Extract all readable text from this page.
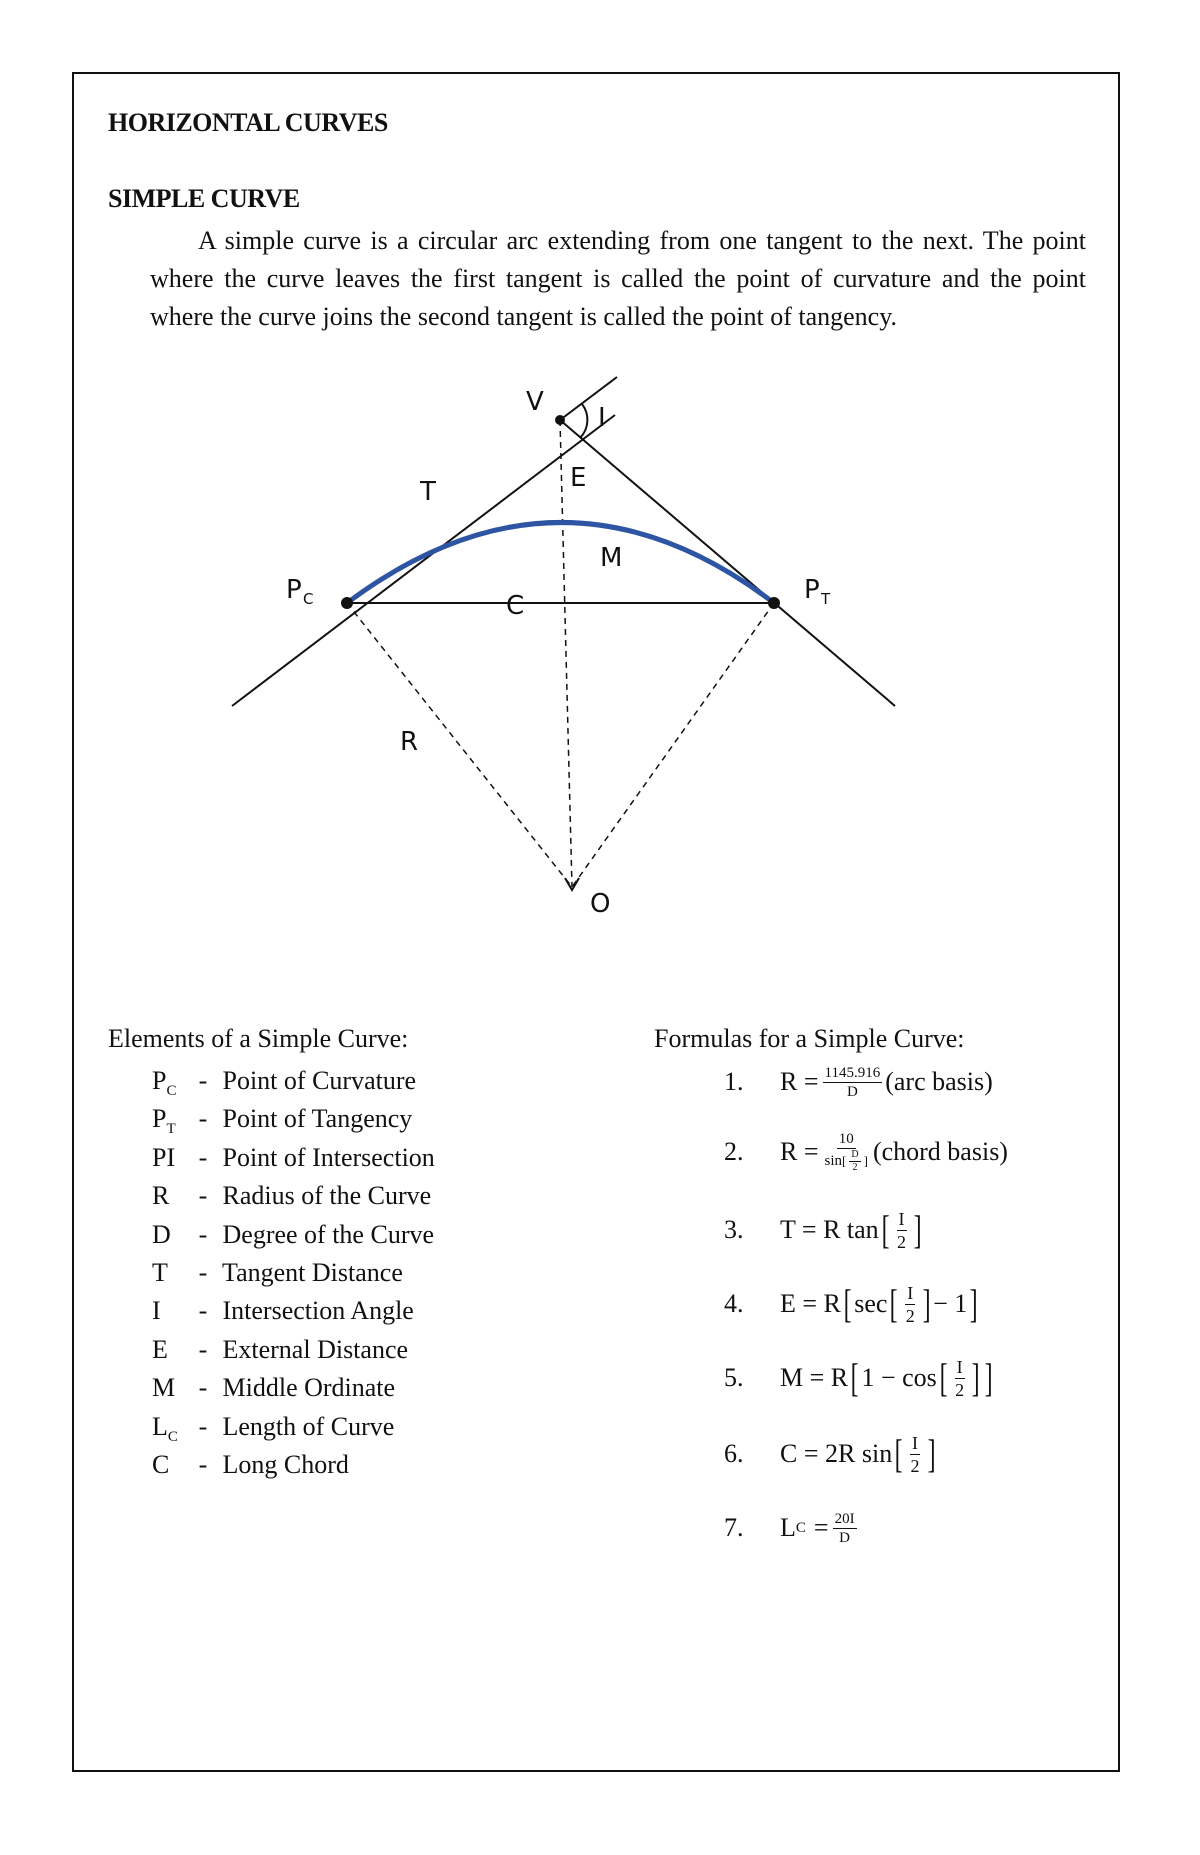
HORIZONTAL CURVES
SIMPLE CURVE

A simple curve is a circular arc extending from one tangent to the next. The point where the curve leaves the first tangent is called the point of curvature and the point where the curve joins the second tangent is called the point of tangency.

V
I
T	E
M
C
R
O
P C	P T
Elements of a Simple Curve:
$P_C$ - Point of Curvature
$P_T$ - Point of Tangency
PI - Point of Intersection
R - Radius of the Curve
D - Degree of the Curve
T - Tangent Distance
I - Intersection Angle
E - External Distance
M - Middle Ordinate
$L_C$ - Length of Curve
C - Long Chord
Formulas for a Simple Curve:
1.	$R = \frac{1145.916}{D} (arc$ basis)
2.	$R = \frac{10}{\sin[ \frac{D}{2} ]}$ (chord basis)
3.	T = R tan [ $\frac{I}{2}$ ]
4.	E = R [ sec [ $\frac{I}{2}$ ] − 1 ]
5.	M = R [ 1 − cos [ $\frac{I}{2}$ ] ]
6.	C = 2R sin [ $\frac{I}{2}$ ]
7.	L $C = \frac{20I}{D}$
